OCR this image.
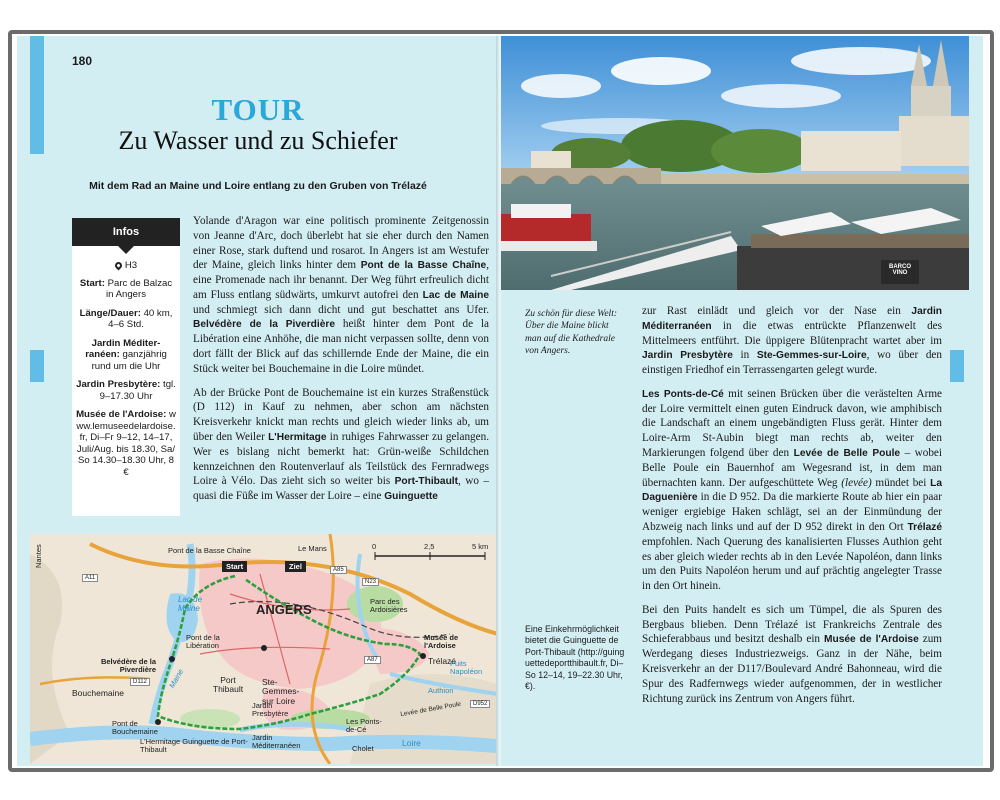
180
TOUR
Zu Wasser und zu Schiefer
Mit dem Rad an Maine und Loire entlang zu den Gruben von Trélazé
Infos
H3
Start: Parc de Balzac in Angers
Länge/Dauer: 40 km, 4–6 Std.
Jardin Méditer-ranéen: ganzjährig rund um die Uhr
Jardin Presbytère: tgl. 9–17.30 Uhr
Musée de l'Ardoise: www.lemuseedelardoise.fr, Di–Fr 9–12, 14–17, Juli/Aug. bis 18.30, Sa/So 14.30–18.30 Uhr, 8 €

Yolande d'Aragon war eine politisch prominente Zeitgenossin von Jeanne d'Arc, doch überlebt hat sie eher durch den Namen einer Rose, stark duftend und rosarot. In Angers ist am Westufer der Maine, gleich links hinter dem Pont de la Basse Chaîne, eine Promenade nach ihr benannt. Der Weg führt erfreulich dicht am Fluss entlang südwärts, umkurvt autofrei den Lac de Maine und schmiegt sich dann dicht und gut beschattet ans Ufer. Belvédère de la Piverdière heißt hinter dem Pont de la Libération eine Anhöhe, die man nicht verpassen sollte, denn von dort fällt der Blick auf das schillernde Ende der Maine, die ein Stück weiter bei Bouchemaine in die Loire mündet.

Ab der Brücke Pont de Bouchemaine ist ein kurzes Straßenstück (D 112) in Kauf zu nehmen, aber schon am nächsten Kreisverkehr knickt man rechts und gleich wieder links ab, um über den Weiler L'Hermitage in ruhiges Fahrwasser zu gelangen. Wer es bislang nicht bemerkt hat: Grün-weiße Schildchen kennzeichnen den Routenverlauf als Teilstück des Fernradwegs Loire à Vélo. Das zieht sich so weiter bis Port-Thibault, wo – quasi die Füße im Wasser der Loire – eine Guinguette

Pont de la Basse Chaîne	Le Mans
Start	Ziel
0	2,5	5 km
ANGERS
Lac de Maine
Nantes
Parc des Ardoisières
Pont de la Libération
Musée de l'Ardoise
Belvédère de la Piverdière Maine
Trélazé
Puits Napoléon
Bouchemaine
Port Thibault
Ste-Gemmes-sur Loire
Authion
Jardin Presbytère	Levée de Belle Poule
Pont de Bouchemaine
L'Hermitage Guinguette de Port-Thibault
Jardin Méditerranéen
Les Ponts-de-Cé
Cholet
Loire
A11
A87
A85
D952
N23
D112
BARCO VINO
Zu schön für diese Welt: Über die Maine blickt man auf die Kathedrale von Angers.

zur Rast einlädt und gleich vor der Nase ein Jardin Méditerranéen in die etwas entrückte Pflanzenwelt des Mittelmeers entführt. Die üppigere Blütenpracht wartet aber im Jardin Presbytère in Ste-Gemmes-sur-Loire, wo über den einstigen Friedhof ein Terrassengarten gelegt wurde.

Les Ponts-de-Cé mit seinen Brücken über die verästelten Arme der Loire vermittelt einen guten Eindruck davon, wie amphibisch die Landschaft an einem ungebändigten Fluss gerät. Hinter dem Loire-Arm St-Aubin biegt man rechts ab, weiter den Markierungen folgend über den Levée de Belle Poule – wobei Belle Poule ein Bauernhof am Wegesrand ist, in dem man übernachten kann. Der aufgeschüttete Weg (levée) mündet bei La Daguenière in die D 952. Da die markierte Route ab hier ein paar weniger ergiebige Haken schlägt, sei an der Einmündung der Abzweig nach links und auf der D 952 direkt in den Ort Trélazé empfohlen. Nach Querung des kanalisierten Flusses Authion geht es aber gleich wieder rechts ab in den Levée Napoléon, dann links um den Puits Napoléon herum und auf prächtig angelegter Trasse in den Ort hinein.

Bei den Puits handelt es sich um Tümpel, die als Spuren des Bergbaus blieben. Denn Trélazé ist Frankreichs Zentrale des Schieferabbaus und besitzt deshalb ein Musée de l'Ardoise zum Werdegang dieses Industriezweigs. Ganz in der Nähe, beim Kreisverkehr an der D117/Boulevard André Bahonneau, wird die Spur des Radfernwegs wieder aufgenommen, der in westlicher Richtung zurück ins Zentrum von Angers führt.

Eine Einkehrmöglichkeit bietet die Guinguette de Port-Thibault (http://guinguettedeportthibault.fr, Di–So 12–14, 19–22.30 Uhr, €).
